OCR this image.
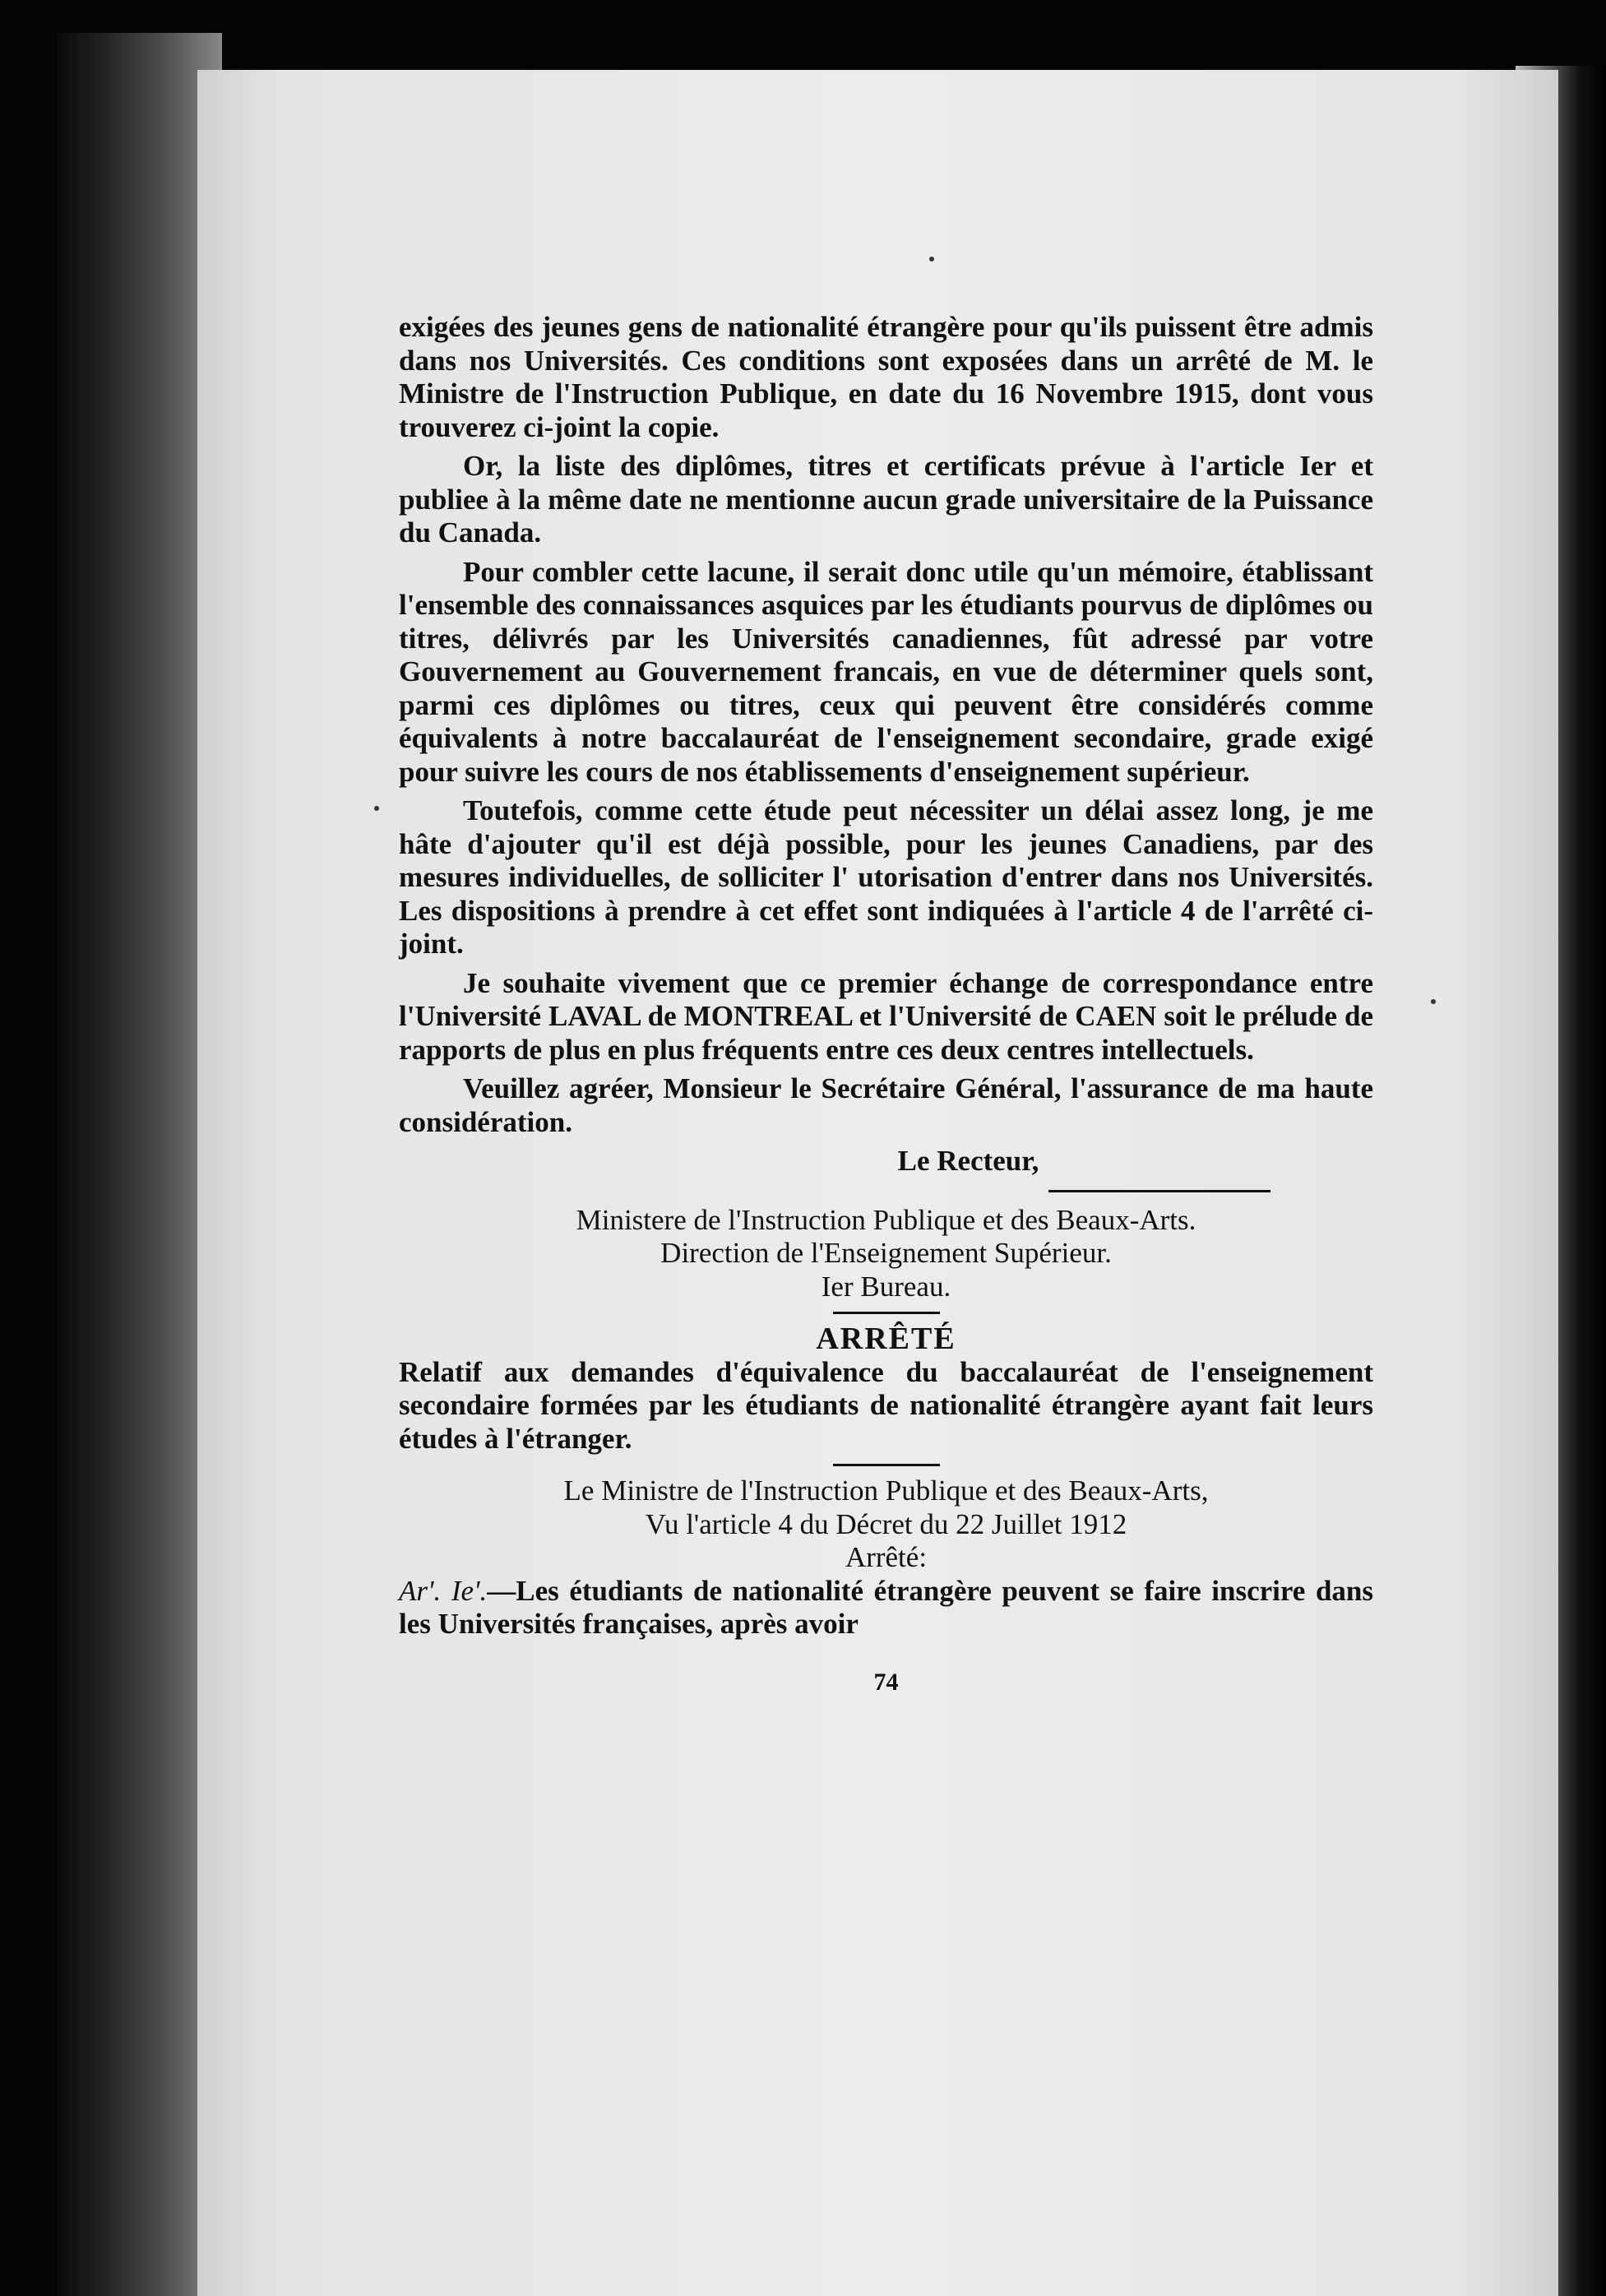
exigées des jeunes gens de nationalité étrangère pour qu'ils puissent être admis dans nos Universités. Ces conditions sont exposées dans un arrêté de M. le Ministre de l'Instruction Publique, en date du 16 Novembre 1915, dont vous trouverez ci-joint la copie.

Or, la liste des diplômes, titres et certificats prévue à l'article Ier et publiee à la même date ne mentionne aucun grade universitaire de la Puissance du Canada.

Pour combler cette lacune, il serait donc utile qu'un mémoire, établissant l'ensemble des connaissances asquices par les étudiants pourvus de diplômes ou titres, délivrés par les Universités canadiennes, fût adressé par votre Gouvernement au Gouvernement francais, en vue de déterminer quels sont, parmi ces diplômes ou titres, ceux qui peuvent être considérés comme équivalents à notre baccalauréat de l'enseignement secondaire, grade exigé pour suivre les cours de nos établissements d'enseignement supérieur.

Toutefois, comme cette étude peut nécessiter un délai assez long, je me hâte d'ajouter qu'il est déjà possible, pour les jeunes Canadiens, par des mesures individuelles, de solliciter l' utorisation d'entrer dans nos Universités. Les dispositions à prendre à cet effet sont indiquées à l'article 4 de l'arrêté ci-joint.

Je souhaite vivement que ce premier échange de correspondance entre l'Université LAVAL de MONTREAL et l'Université de CAEN soit le prélude de rapports de plus en plus fréquents entre ces deux centres intellectuels.

Veuillez agréer, Monsieur le Secrétaire Général, l'assurance de ma haute considération.

Le Recteur,
Ministere de l'Instruction Publique et des Beaux-Arts.
Direction de l'Enseignement Supérieur.
Ier Bureau.
ARRÊTÉ

Relatif aux demandes d'équivalence du baccalauréat de l'enseignement secondaire formées par les étudiants de nationalité étrangère ayant fait leurs études à l'étranger.

Le Ministre de l'Instruction Publique et des Beaux-Arts,
Vu l'article 4 du Décret du 22 Juillet 1912
Arrêté:

Ar'. Ie'.—Les étudiants de nationalité étrangère peuvent se faire inscrire dans les Universités françaises, après avoir

74
